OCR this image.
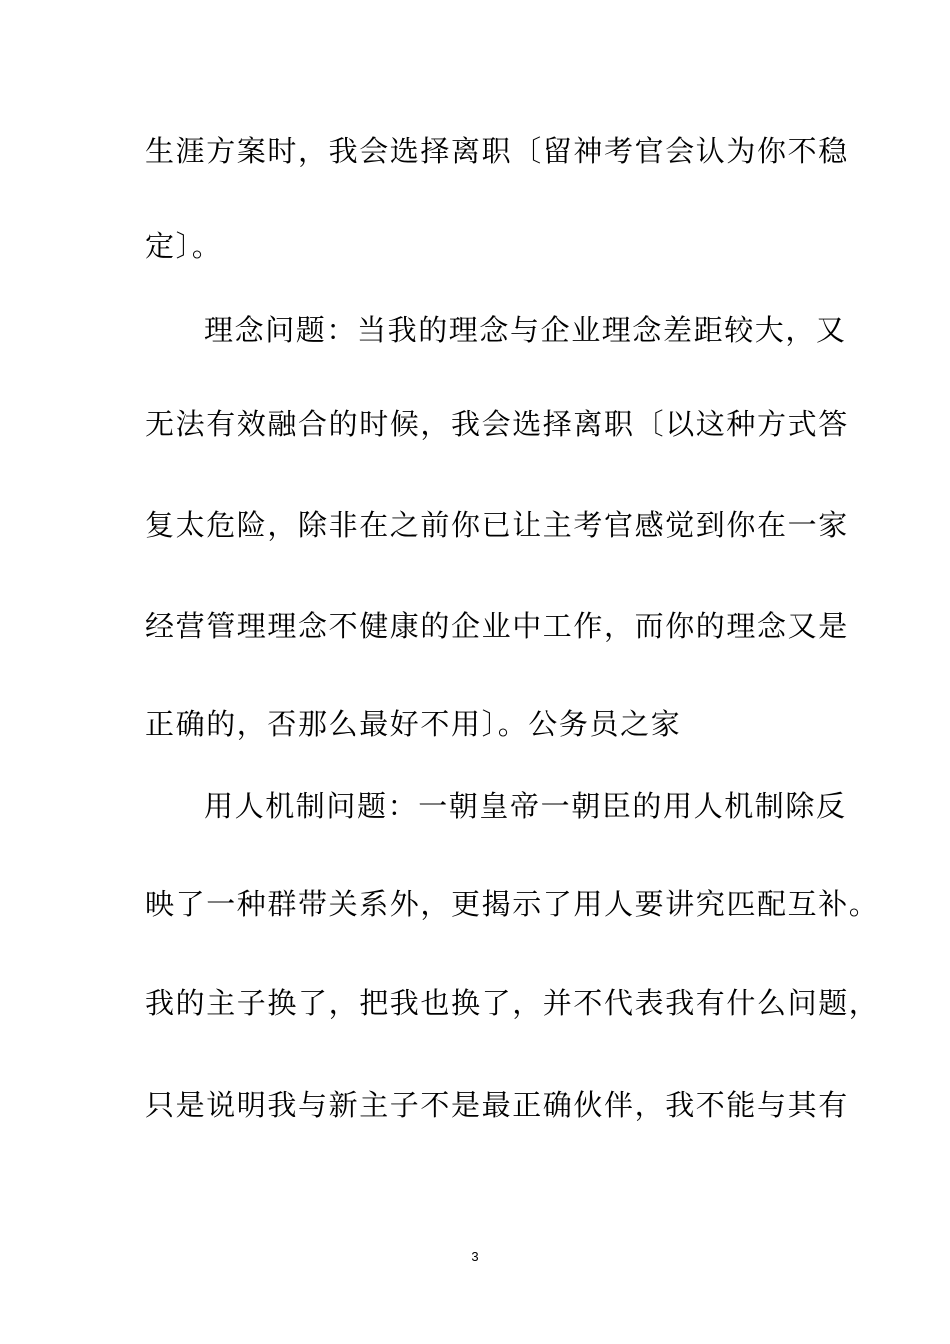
生涯方案时，我会选择离职〔留神考官会认为你不稳
定〕。
理念问题：当我的理念与企业理念差距较大，又
无法有效融合的时候，我会选择离职〔以这种方式答
复太危险，除非在之前你已让主考官感觉到你在一家
经营管理理念不健康的企业中工作，而你的理念又是
正确的，否那么最好不用〕。公务员之家
用人机制问题：一朝皇帝一朝臣的用人机制除反
映了一种群带关系外，更揭示了用人要讲究匹配互补。
我的主子换了，把我也换了，并不代表我有什么问题，
只是说明我与新主子不是最正确伙伴，我不能与其有
3
